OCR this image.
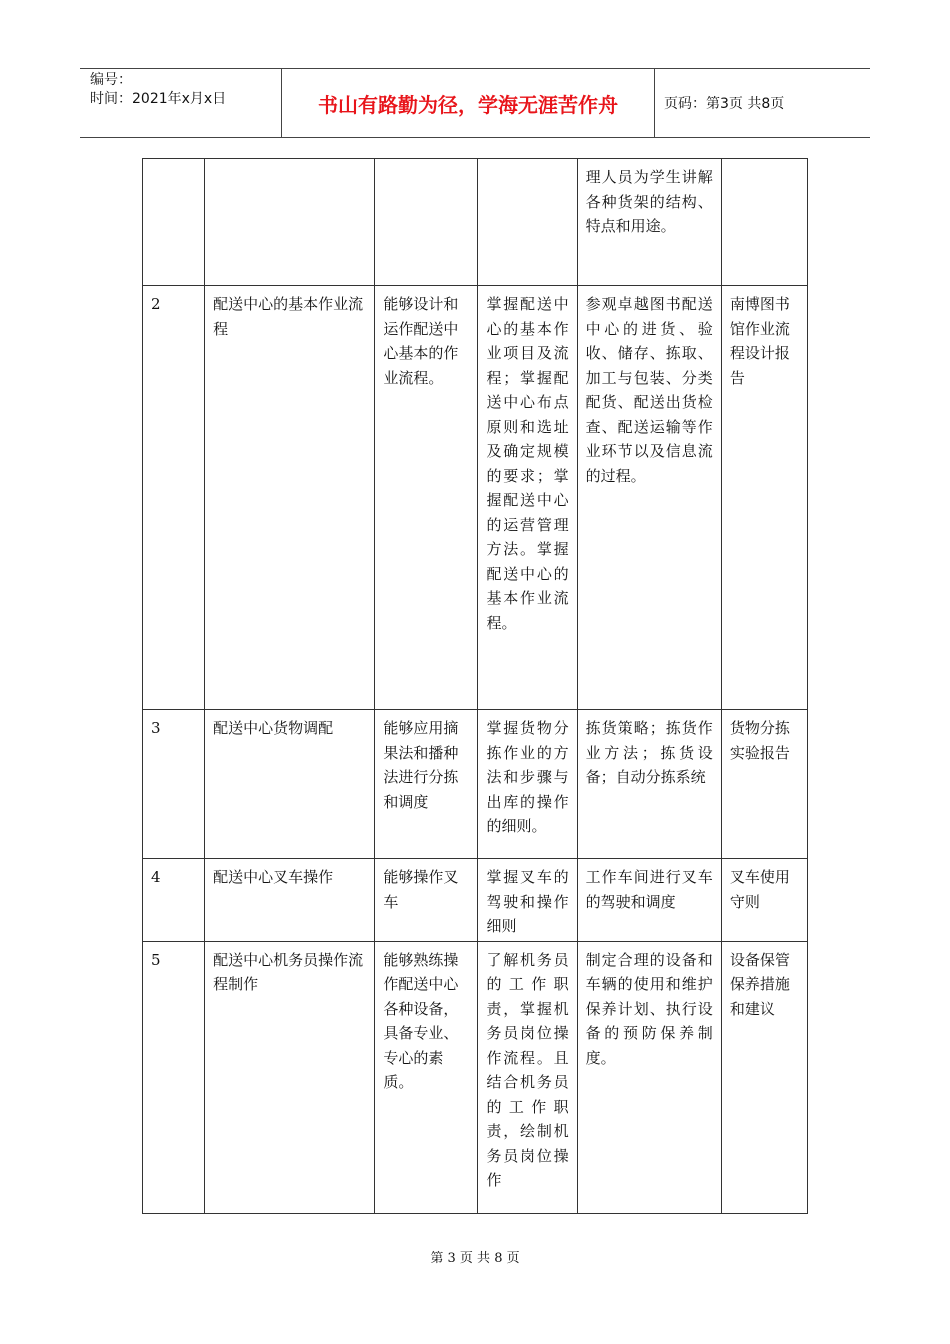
编号：
时间：2021年x月x日	书山有路勤为径，学海无涯苦作舟	页码：第3页 共8页
				理人员为学生讲解各种货架的结构、特点和用途。	
2	配送中心的基本作业流程	能够设计和运作配送中心基本的作业流程。	掌握配送中心的基本作业项目及流程；掌握配送中心布点原则和选址及确定规模的要求；掌握配送中心的运营管理方法。掌握配送中心的基本作业流程。	参观卓越图书配送中心的进货、验收、储存、拣取、加工与包装、分类配货、配送出货检查、配送运输等作业环节以及信息流的过程。	南博图书馆作业流程设计报告
3	配送中心货物调配	能够应用摘果法和播种法进行分拣和调度	掌握货物分拣作业的方法和步骤与出库的操作的细则。	拣货策略；拣货作业方法；拣货设备；自动分拣系统	货物分拣实验报告
4	配送中心叉车操作	能够操作叉车	掌握叉车的驾驶和操作细则	工作车间进行叉车的驾驶和调度	叉车使用守则
5	配送中心机务员操作流程制作	能够熟练操作配送中心各种设备，具备专业、专心的素质。	了解机务员的工作职责，掌握机务员岗位操作流程。且结合机务员的工作职责，绘制机务员岗位操作	制定合理的设备和车辆的使用和维护保养计划、执行设备的预防保养制度。	设备保管保养措施和建议
第 3 页 共 8 页
